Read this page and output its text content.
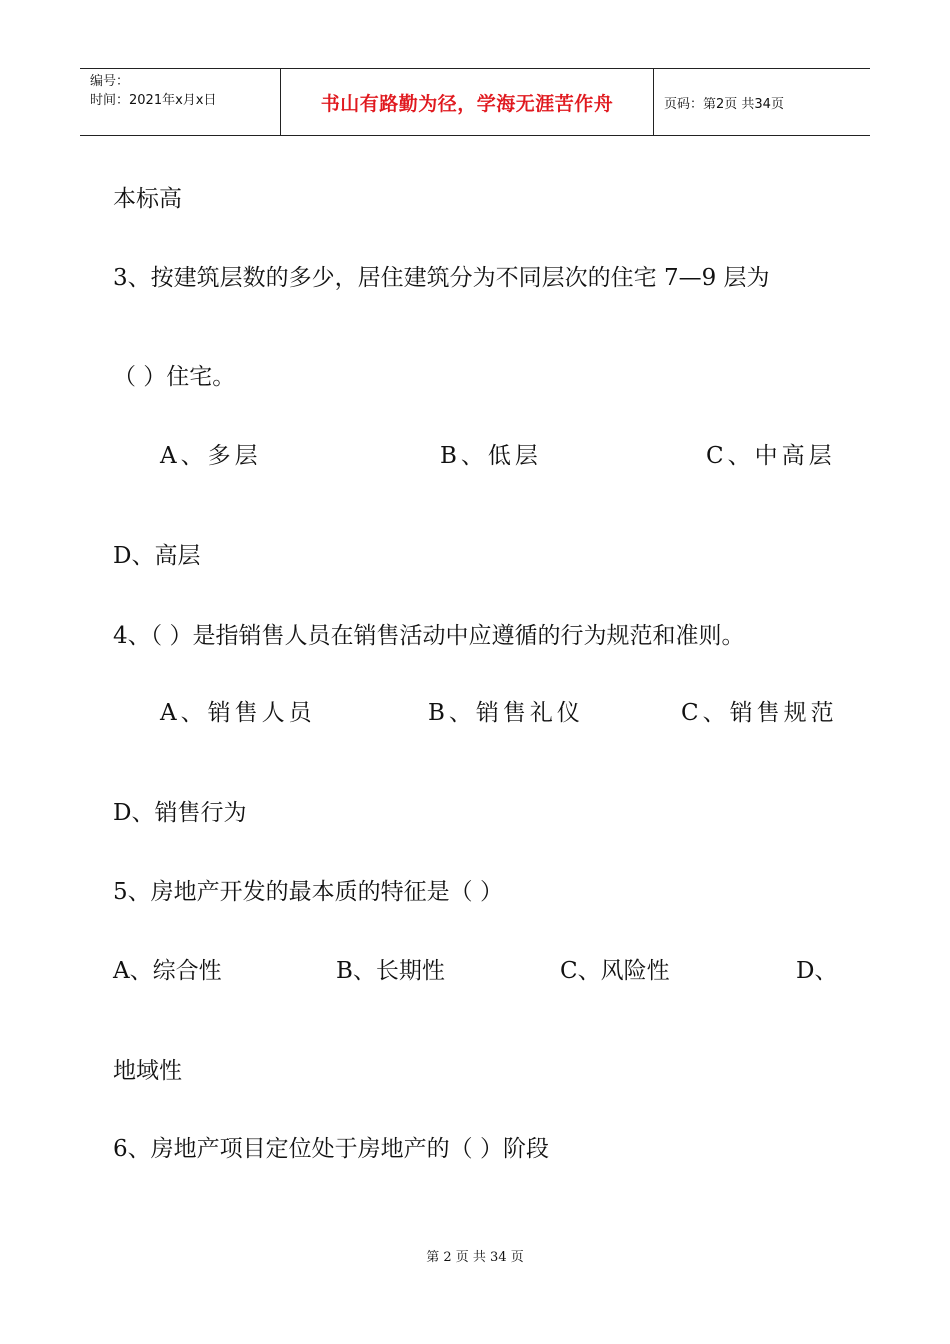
编号：
时间：2021年x月x日	书山有路勤为径，学海无涯苦作舟	页码：第2页 共34页
本标高
3、按建筑层数的多少，居住建筑分为不同层次的住宅 7—9 层为
（ ）住宅。
A、多层	B、低层	C、中高层
D、高层
4、（ ）是指销售人员在销售活动中应遵循的行为规范和准则。
A、销售人员	B、销售礼仪	C、销售规范
D、销售行为
5、房地产开发的最本质的特征是（ ）
A、综合性	B、长期性	C、风险性	D、
地域性
6、房地产项目定位处于房地产的（ ）阶段
第 2 页 共 34 页
